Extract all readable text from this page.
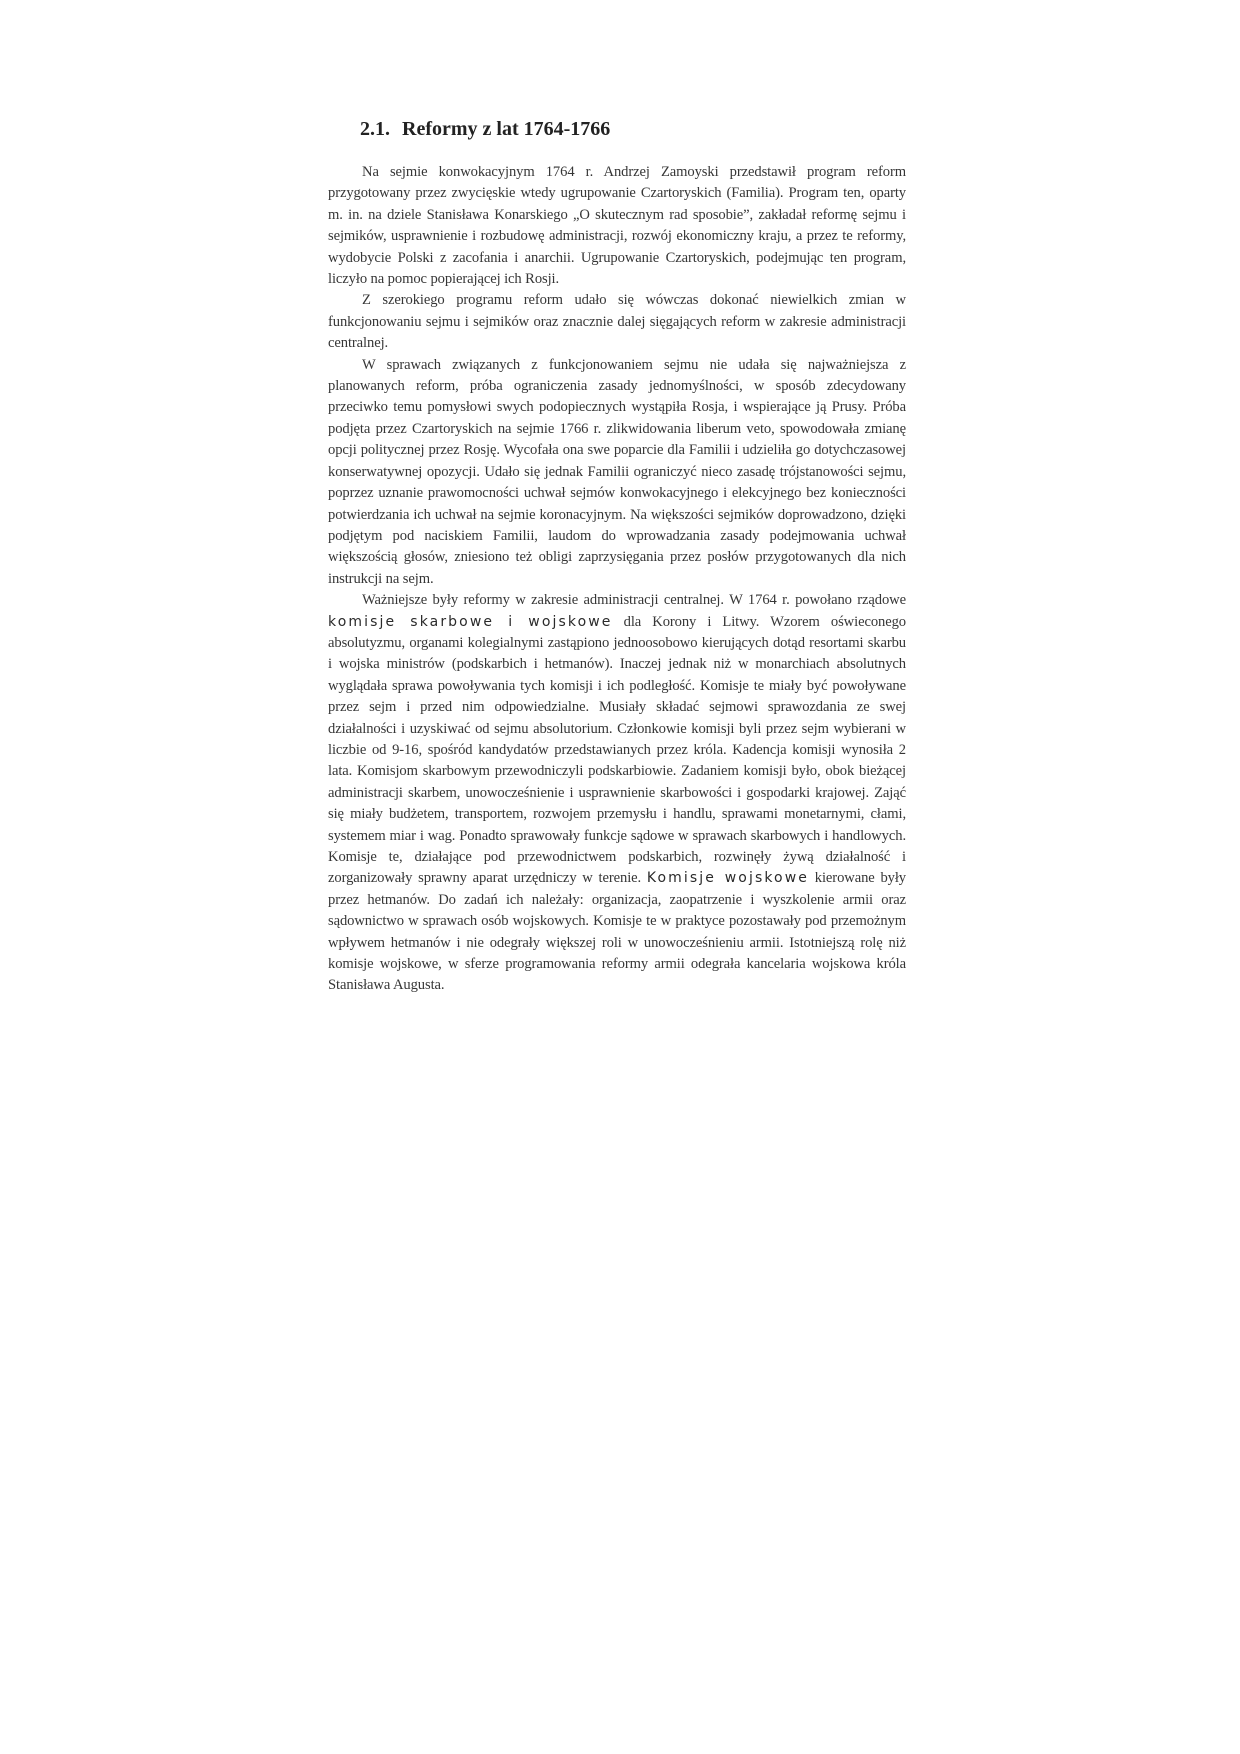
2.1. Reformy z lat 1764-1766

Na sejmie konwokacyjnym 1764 r. Andrzej Zamoyski przedstawił program reform przygotowany przez zwycięskie wtedy ugrupowanie Czartoryskich (Familia). Program ten, oparty m. in. na dziele Stanisława Konarskiego „O skutecznym rad sposobie”, zakładał reformę sejmu i sejmików, usprawnienie i rozbudowę administracji, rozwój ekonomiczny kraju, a przez te reformy, wydobycie Polski z zacofania i anarchii. Ugrupowanie Czartoryskich, podejmując ten program, liczyło na pomoc popierającej ich Rosji.

Z szerokiego programu reform udało się wówczas dokonać niewielkich zmian w funkcjonowaniu sejmu i sejmików oraz znacznie dalej sięgających reform w zakresie administracji centralnej.

W sprawach związanych z funkcjonowaniem sejmu nie udała się najważniejsza z planowanych reform, próba ograniczenia zasady jednomyślności, w sposób zdecydowany przeciwko temu pomysłowi swych podopiecznych wystąpiła Rosja, i wspierające ją Prusy. Próba podjęta przez Czartoryskich na sejmie 1766 r. zlikwidowania liberum veto, spowodowała zmianę opcji politycznej przez Rosję. Wycofała ona swe poparcie dla Familii i udzieliła go dotychczasowej konserwatywnej opozycji. Udało się jednak Familii ograniczyć nieco zasadę trójstanowości sejmu, poprzez uznanie prawomocności uchwał sejmów konwokacyjnego i elekcyjnego bez konieczności potwierdzania ich uchwał na sejmie koronacyjnym. Na większości sejmików doprowadzono, dzięki podjętym pod naciskiem Familii, laudom do wprowadzania zasady podejmowania uchwał większością głosów, zniesiono też obligi zaprzysięgania przez posłów przygotowanych dla nich instrukcji na sejm.

Ważniejsze były reformy w zakresie administracji centralnej. W 1764 r. powołano rządowe komisje skarbowe i wojskowe dla Korony i Litwy. Wzorem oświeconego absolutyzmu, organami kolegialnymi zastąpiono jednoosobowo kierujących dotąd resortami skarbu i wojska ministrów (podskarbich i hetmanów). Inaczej jednak niż w monarchiach absolutnych wyglądała sprawa powoływania tych komisji i ich podległość. Komisje te miały być powoływane przez sejm i przed nim odpowiedzialne. Musiały składać sejmowi sprawozdania ze swej działalności i uzyskiwać od sejmu absolutorium. Członkowie komisji byli przez sejm wybierani w liczbie od 9-16, spośród kandydatów przedstawianych przez króla. Kadencja komisji wynosiła 2 lata. Komisjom skarbowym przewodniczyli podskarbiowie. Zadaniem komisji było, obok bieżącej administracji skarbem, unowocześnienie i usprawnienie skarbowości i gospodarki krajowej. Zająć się miały budżetem, transportem, rozwojem przemysłu i handlu, sprawami monetarnymi, cłami, systemem miar i wag. Ponadto sprawowały funkcje sądowe w sprawach skarbowych i handlowych. Komisje te, działające pod przewodnictwem podskarbich, rozwinęły żywą działalność i zorganizowały sprawny aparat urzędniczy w terenie. Komisje wojskowe kierowane były przez hetmanów. Do zadań ich należały: organizacja, zaopatrzenie i wyszkolenie armii oraz sądownictwo w sprawach osób wojskowych. Komisje te w praktyce pozostawały pod przemożnym wpływem hetmanów i nie odegrały większej roli w unowocześnieniu armii. Istotniejszą rolę niż komisje wojskowe, w sferze programowania reformy armii odegrała kancelaria wojskowa króla Stanisława Augusta.
